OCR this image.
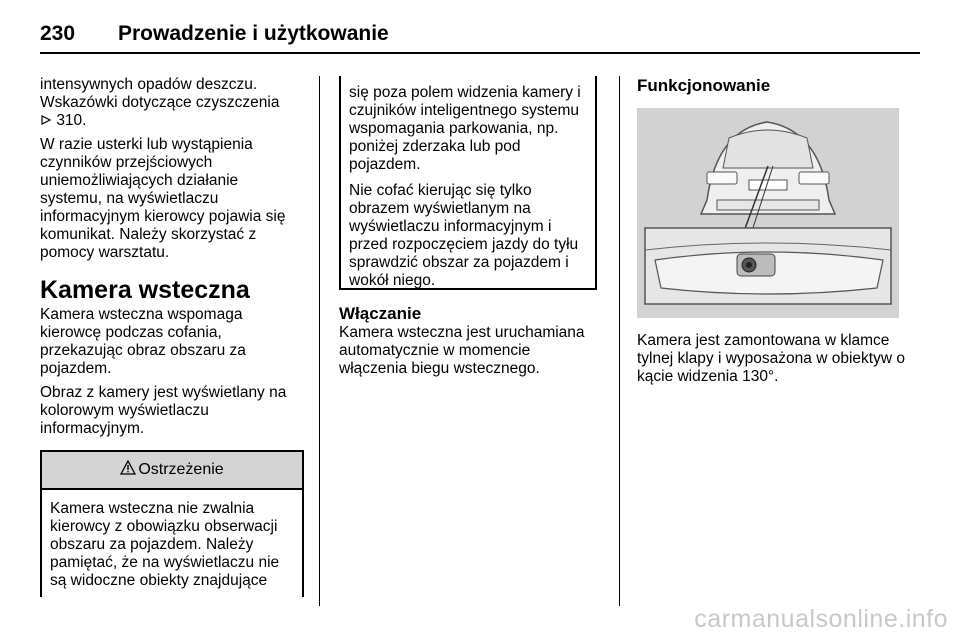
230	Prowadzenie i użytkowanie

intensywnych opadów deszczu. Wskazówki dotyczące czyszczenia
310.

W razie usterki lub wystąpienia czynników przejściowych uniemożliwiających działanie systemu, na wyświetlaczu informacyjnym kierowcy pojawia się komunikat. Należy skorzystać z pomocy warsztatu.

Kamera wsteczna

Kamera wsteczna wspomaga kierowcę podczas cofania, przekazując obraz obszaru za pojazdem.

Obraz z kamery jest wyświetlany na kolorowym wyświetlaczu informacyjnym.

Ostrzeżenie
Kamera wsteczna nie zwalnia kierowcy z obowiązku obserwacji obszaru za pojazdem. Należy pamiętać, że na wyświetlaczu nie są widoczne obiekty znajdujące

się poza polem widzenia kamery i czujników inteligentnego systemu wspomagania parkowania, np. poniżej zderzaka lub pod pojazdem.

Nie cofać kierując się tylko obrazem wyświetlanym na wyświetlaczu informacyjnym i przed rozpoczęciem jazdy do tyłu sprawdzić obszar za pojazdem i wokół niego.

Włączanie

Kamera wsteczna jest uruchamiana automatycznie w momencie włączenia biegu wstecznego.

Funkcjonowanie

Kamera jest zamontowana w klamce tylnej klapy i wyposażona w obiektyw o kącie widzenia 130°.

carmanualsonline.info
